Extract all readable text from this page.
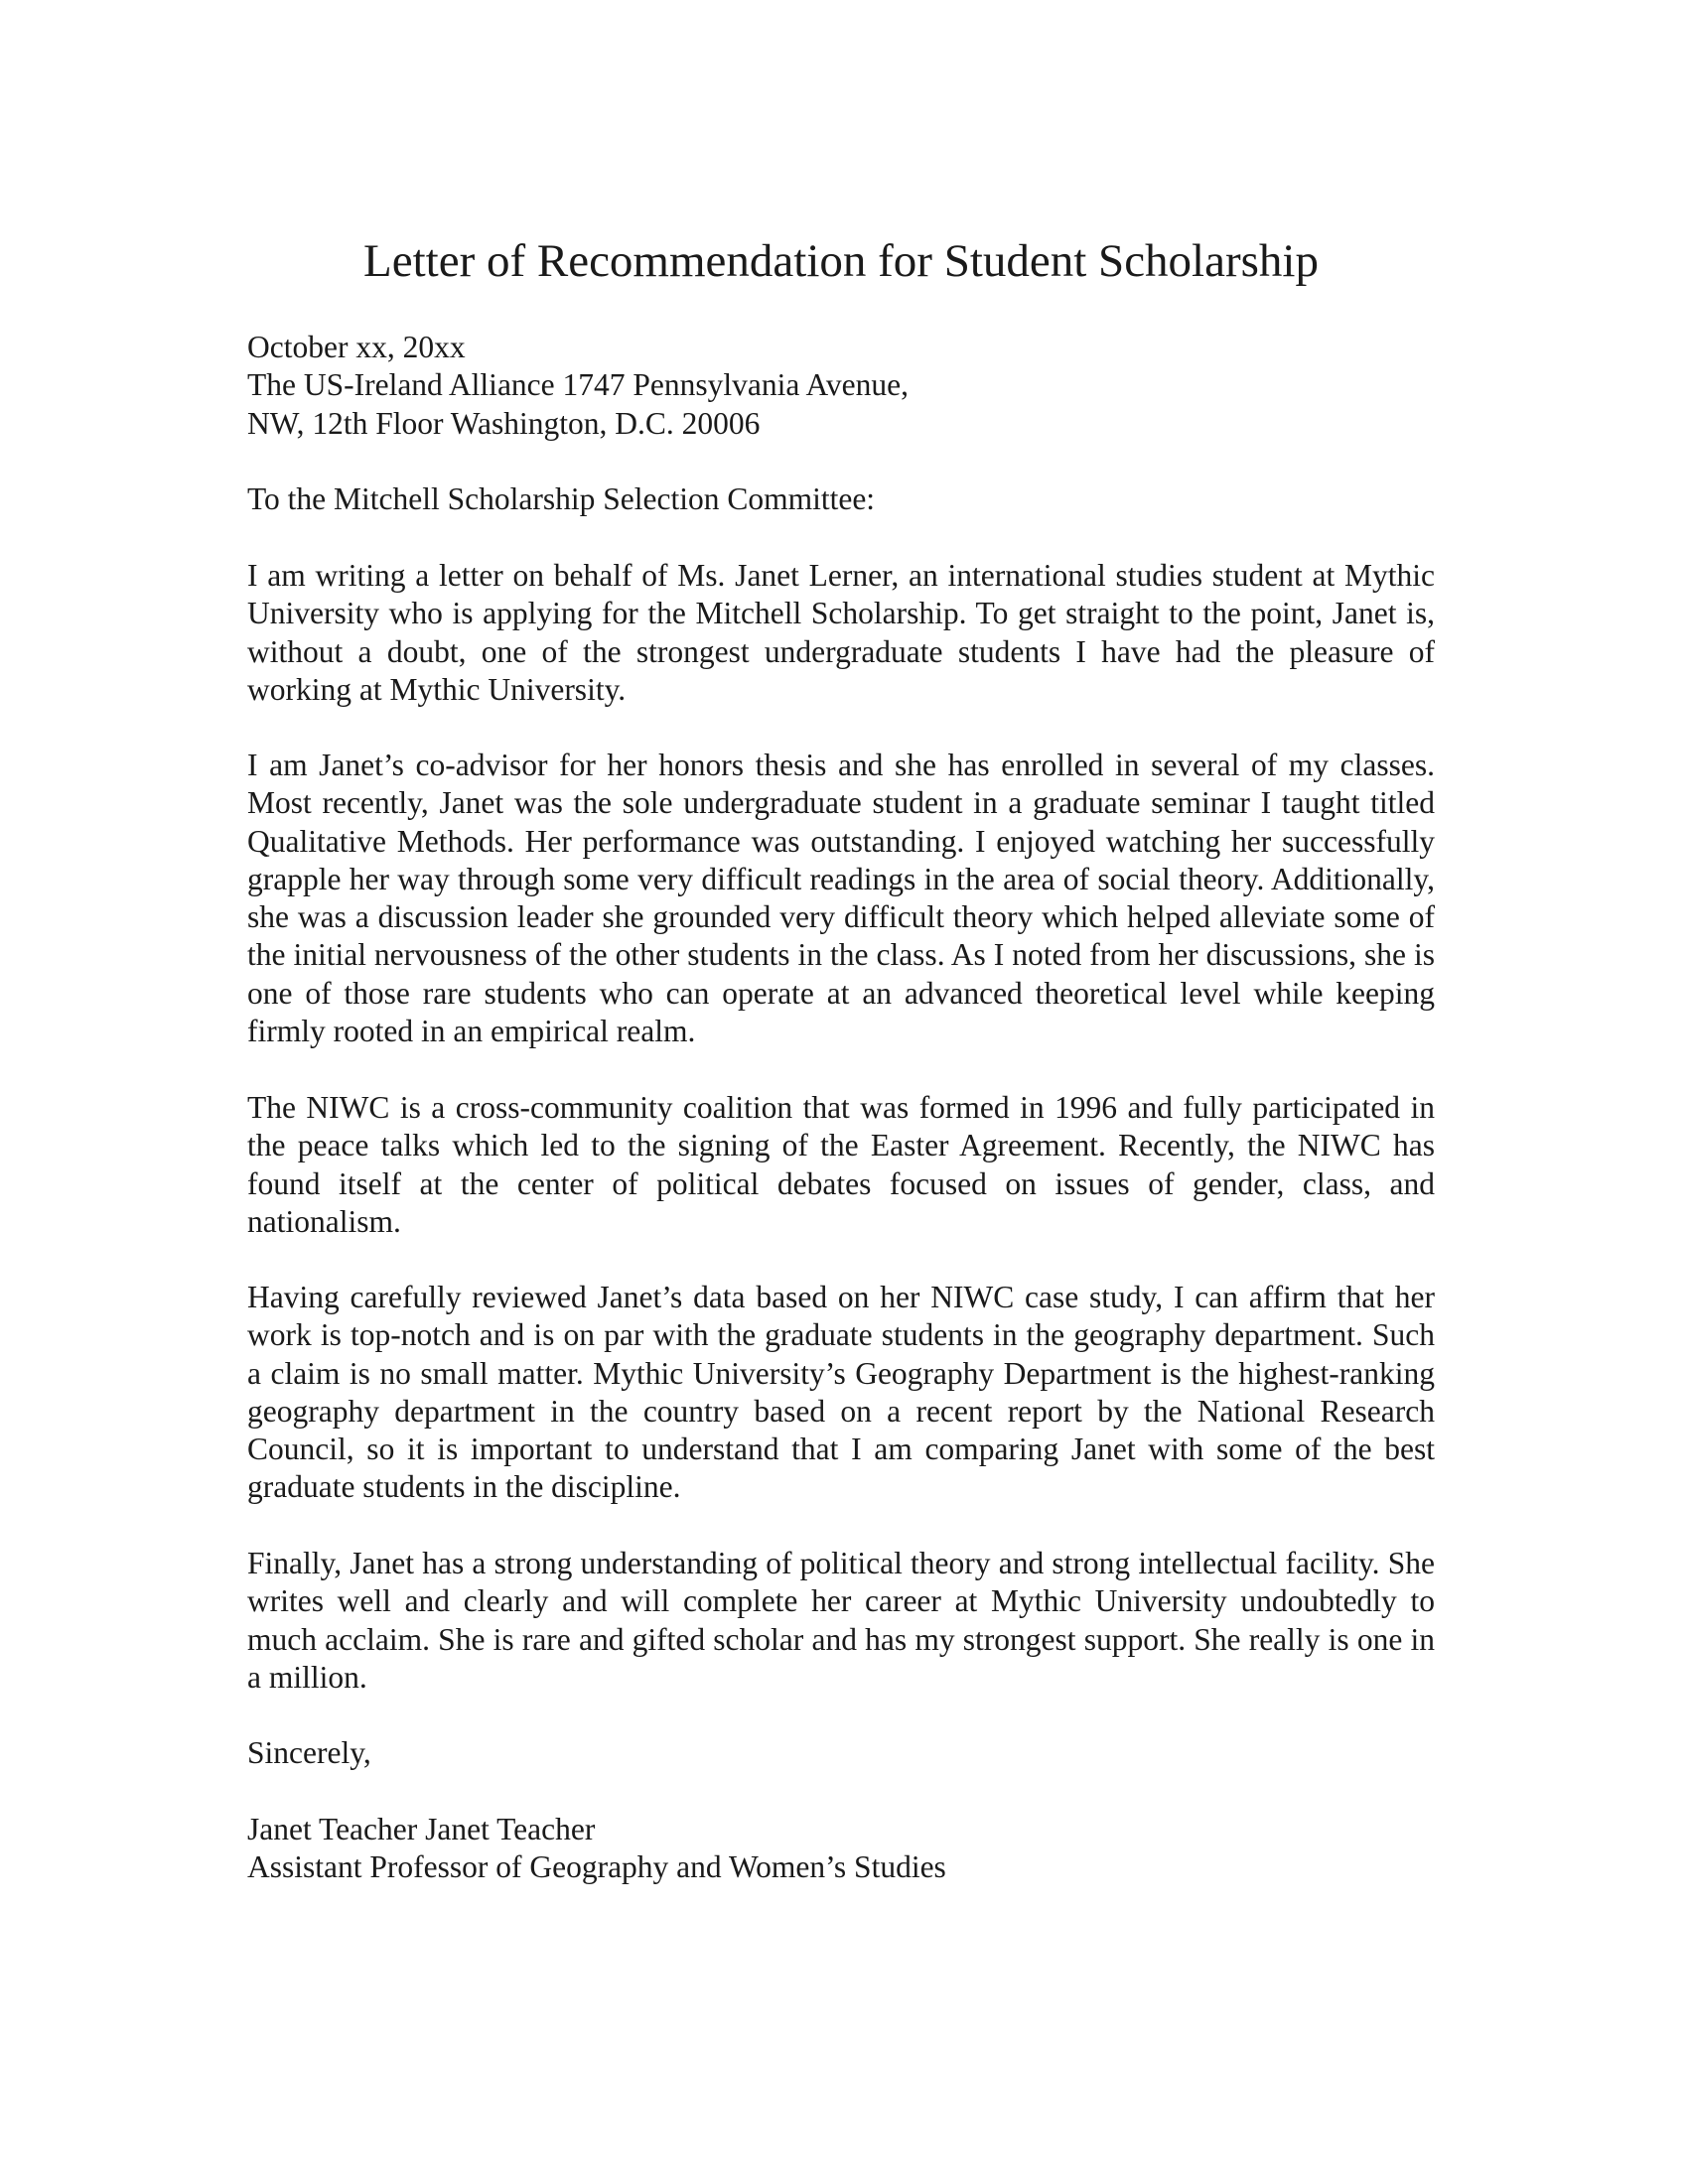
Letter of Recommendation for Student Scholarship
October xx, 20xx
The US-Ireland Alliance 1747 Pennsylvania Avenue,
NW, 12th Floor Washington, D.C. 20006

To the Mitchell Scholarship Selection Committee:

I am writing a letter on behalf of Ms. Janet Lerner, an international studies student at Mythic University who is applying for the Mitchell Scholarship. To get straight to the point, Janet is, without a doubt, one of the strongest undergraduate students I have had the pleasure of working at Mythic University.

I am Janet’s co-advisor for her honors thesis and she has enrolled in several of my classes. Most recently, Janet was the sole undergraduate student in a graduate seminar I taught titled Qualitative Methods. Her performance was outstanding. I enjoyed watching her successfully grapple her way through some very difficult readings in the area of social theory. Additionally, she was a discussion leader she grounded very difficult theory which helped alleviate some of the initial nervousness of the other students in the class. As I noted from her discussions, she is one of those rare students who can operate at an advanced theoretical level while keeping firmly rooted in an empirical realm.

The NIWC is a cross-community coalition that was formed in 1996 and fully participated in the peace talks which led to the signing of the Easter Agreement. Recently, the NIWC has found itself at the center of political debates focused on issues of gender, class, and nationalism.

Having carefully reviewed Janet’s data based on her NIWC case study, I can affirm that her work is top-notch and is on par with the graduate students in the geography department. Such a claim is no small matter. Mythic University’s Geography Department is the highest-ranking geography department in the country based on a recent report by the National Research Council, so it is important to understand that I am comparing Janet with some of the best graduate students in the discipline.

Finally, Janet has a strong understanding of political theory and strong intellectual facility. She writes well and clearly and will complete her career at Mythic University undoubtedly to much acclaim. She is rare and gifted scholar and has my strongest support. She really is one in a million.

Sincerely,

Janet Teacher Janet Teacher
Assistant Professor of Geography and Women’s Studies
